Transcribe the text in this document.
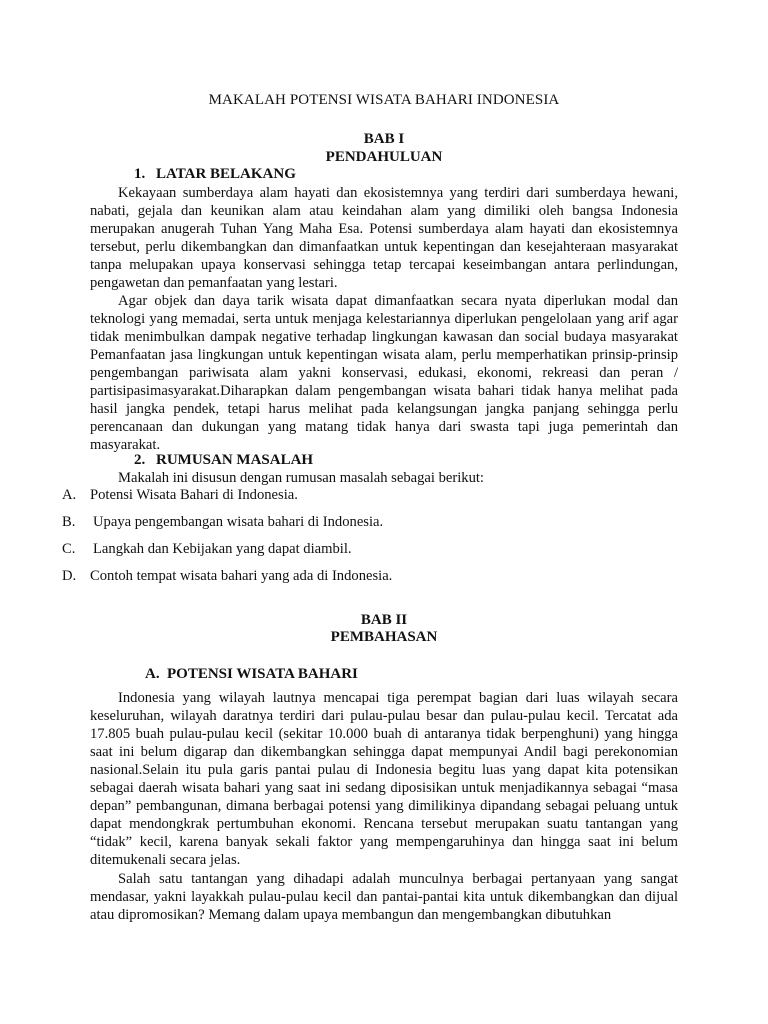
MAKALAH POTENSI WISATA BAHARI INDONESIA
BAB I
PENDAHULUAN
1. LATAR BELAKANG

Kekayaan sumberdaya alam hayati dan ekosistemnya yang terdiri dari sumberdaya hewani, nabati, gejala dan keunikan alam atau keindahan alam yang dimiliki oleh bangsa Indonesia merupakan anugerah Tuhan Yang Maha Esa. Potensi sumberdaya alam hayati dan ekosistemnya tersebut, perlu dikembangkan dan dimanfaatkan untuk kepentingan dan kesejahteraan masyarakat tanpa melupakan upaya konservasi sehingga tetap tercapai keseimbangan antara perlindungan, pengawetan dan pemanfaatan yang lestari.

Agar objek dan daya tarik wisata dapat dimanfaatkan secara nyata diperlukan modal dan teknologi yang memadai, serta untuk menjaga kelestariannya diperlukan pengelolaan yang arif agar tidak menimbulkan dampak negative terhadap lingkungan kawasan dan social budaya masyarakat Pemanfaatan jasa lingkungan untuk kepentingan wisata alam, perlu memperhatikan prinsip-prinsip pengembangan pariwisata alam yakni konservasi, edukasi, ekonomi, rekreasi dan peran / partisipasimasyarakat.Diharapkan dalam pengembangan wisata bahari tidak hanya melihat pada hasil jangka pendek, tetapi harus melihat pada kelangsungan jangka panjang sehingga perlu perencanaan dan dukungan yang matang tidak hanya dari swasta tapi juga pemerintah dan masyarakat.

2. RUMUSAN MASALAH
Makalah ini disusun dengan rumusan masalah sebagai berikut:
A. Potensi Wisata Bahari di Indonesia.
B. Upaya pengembangan wisata bahari di Indonesia.
C. Langkah dan Kebijakan yang dapat diambil.
D. Contoh tempat wisata bahari yang ada di Indonesia.
BAB II
PEMBAHASAN
A. POTENSI WISATA BAHARI

Indonesia yang wilayah lautnya mencapai tiga perempat bagian dari luas wilayah secara keseluruhan, wilayah daratnya terdiri dari pulau-pulau besar dan pulau-pulau kecil. Tercatat ada 17.805 buah pulau-pulau kecil (sekitar 10.000 buah di antaranya tidak berpenghuni) yang hingga saat ini belum digarap dan dikembangkan sehingga dapat mempunyai Andil bagi perekonomian nasional.Selain itu pula garis pantai pulau di Indonesia begitu luas yang dapat kita potensikan sebagai daerah wisata bahari yang saat ini sedang diposisikan untuk menjadikannya sebagai “masa depan” pembangunan, dimana berbagai potensi yang dimilikinya dipandang sebagai peluang untuk dapat mendongkrak pertumbuhan ekonomi. Rencana tersebut merupakan suatu tantangan yang “tidak” kecil, karena banyak sekali faktor yang mempengaruhinya dan hingga saat ini belum ditemukenali secara jelas.

Salah satu tantangan yang dihadapi adalah munculnya berbagai pertanyaan yang sangat mendasar, yakni layakkah pulau-pulau kecil dan pantai-pantai kita untuk dikembangkan dan dijual atau dipromosikan? Memang dalam upaya membangun dan mengembangkan dibutuhkan
